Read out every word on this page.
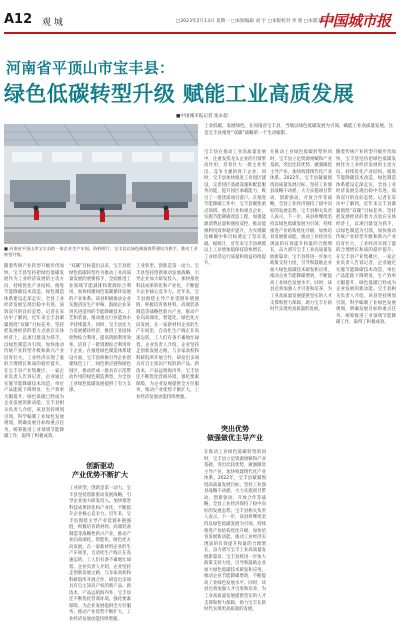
A12 观 城	□2023年2月13日 星期一 □本版编辑 刘 宇 □本版校对 李 蕾 □本版美编 梦号先
中国城市报
河南省平顶山市宝丰县：
绿色低碳转型升级 赋能工业高质发展
■中国城市报记者 张永超
■ 河南省平顶山市宝丰县的一家企业生产车间。资料图片。宝丰县以绿色制造体系建设为抓手，推动工业转型升级。
工业低碳，发展绿色。在河南省宝丰县，当地以绿色低碳发展为引领，赋能工业高质量发展。这是宝丰县推进“双碳”战略的一个生动缩影。
随着传统产业转型升级步伐加快，宝丰县坚持把绿色低碳发展作为工业经济发展的主攻方向，持续优化产业结构，推进节能降碳技术改造，绿色制造体系建设走深走实，全县工业经济发展呈现出稳中有进、质效双升的良好态势。记者在采访中了解到，近年来宝丰县紧紧围绕“双碳”目标任务，坚持把发展经济的着力点放在实体经济上，以项目建设为抓手，以绿色制造为引领，加快推动传统产业转型升级和新兴产业培育壮大，工业经济实现了量的合理增长和质的稳步提升。在宝丰县产业集聚区，一家企业负责人告诉记者，企业通过实施节能降碳技术改造，单位产品能耗下降明显，生产效率大幅提升，绿色低碳已经成为企业发展的新动能。宝丰县相关负责人介绍，该县坚持规划引领，科学编制工业绿色发展规划，明确发展目标和重点任务，统筹推进工业领域节能降碳工作，取得了积极成效。
“双碳”目标提出以来，宝丰县把绿色低碳转型作为推动工业高质量发展的重要抓手，全面推进工业领域节能减排和资源综合利用，加快构建绿色低碳循环发展的产业体系。该县积极推动企业实施清洁生产审核，鼓励企业采用先进适用的节能降碳技术、工艺和装备，推动重点行业能效水平持续提升。同时，宝丰县还大力发展循环经济，推进工业固体废物综合利用，提高资源利用效率，培育了一批资源综合利用骨干企业。在推进绿色制造体系建设方面，宝丰县积极引导企业创建绿色工厂、绿色供应链和绿色园区，推动形成一批具有示范带动作用的绿色制造典型，为全县工业绿色低碳发展提供了有力支撑。
创新驱动
产业优势不断扩大
工业转型，创新是第一动力。宝丰县坚持创新驱动发展战略，引导企业加大研发投入，加快推进科技成果转化和产业化，不断提升企业核心竞争力。近年来，宝丰县围绕主导产业延链补链强链，积极培育新材料、高端装备制造等战略性新兴产业，推动产业向高端化、智能化、绿色化方向发展。在一家新材料企业的生产车间里，自动化生产线正在高速运转，工人们有条不紊地忙碌着。企业负责人介绍，企业坚持走创新发展之路，与多家高校和科研院所开展合作，研发出多项具有自主知识产权的新产品、新技术，产品远销海内外。宝丰县还不断优化营商环境，强化要素保障，为企业发展提供全方位服务，推动产业优势不断扩大，工业经济发展动能持续增强。
工业转型，创新是第一动力。宝丰县坚持创新驱动发展战略，引导企业加大研发投入，加快推进科技成果转化和产业化，不断提升企业核心竞争力。近年来，宝丰县围绕主导产业延链补链强链，积极培育新材料、高端装备制造等战略性新兴产业，推动产业向高端化、智能化、绿色化方向发展。在一家新材料企业的生产车间里，自动化生产线正在高速运转，工人们有条不紊地忙碌着。企业负责人介绍，企业坚持走创新发展之路，与多家高校和科研院所开展合作，研发出多项具有自主知识产权的新产品、新技术，产品远销海内外。宝丰县还不断优化营商环境，强化要素保障，为企业发展提供全方位服务，推动产业优势不断扩大，工业经济发展动能持续增强。
宝丰县在推动工业高质量发展中，注重发挥龙头企业的引领带动作用，培育壮大一批主业突出、竞争力强的骨干企业。同时，宝丰县加快推进工业园区建设，完善园区基础设施和配套服务功能，提升园区承载能力，吸引了一批优质项目落户。在推进节能降碳工作中，宝丰县聚焦重点领域、重点行业和重点企业，实施节能降碳改造工程，加强能源消费总量和强度双控，推动能源利用效率稳步提升，为实现碳达峰碳中和目标奠定了坚实基础。据统计，近年来宝丰县规模以上工业增加值保持较快增长，工业经济运行质量和效益持续提升。
突出优势
做强做优主导产业
在推动工业绿色低碳转型的同时，宝丰县立足资源禀赋和产业基础，突出比较优势，做强做优主导产业，加快构建现代化产业体系。2022年，宝丰县紧紧围绕高质量发展目标，坚持工业强县战略不动摇，大力实施项目带动、创新驱动、开放合作等战略，全县工业经济保持了稳中向好的发展态势。宝丰县相关负责人表示，下一步，该县将继续坚持以绿色低碳发展为引领，持续推进产业结构优化升级，加快培育发展新动能，推动工业经济实现质的有效提升和量的合理增长，奋力谱写宝丰工业高质量发展新篇章。宝丰县将进一步加大政策支持力度，引导和鼓励企业加大绿色低碳技术研发和应用，推动企业节能降碳增效，不断提高工业绿色发展水平。同时，该县还将加强人才引进和培养，为工业高质量发展提供坚实的人才支撑和智力保障，助力宝丰在新时代实现更高质量的发展。
在推动工业绿色低碳转型的同时，宝丰县立足资源禀赋和产业基础，突出比较优势，做强做优主导产业，加快构建现代化产业体系。2022年，宝丰县紧紧围绕高质量发展目标，坚持工业强县战略不动摇，大力实施项目带动、创新驱动、开放合作等战略，全县工业经济保持了稳中向好的发展态势。宝丰县相关负责人表示，下一步，该县将继续坚持以绿色低碳发展为引领，持续推进产业结构优化升级，加快培育发展新动能，推动工业经济实现质的有效提升和量的合理增长，奋力谱写宝丰工业高质量发展新篇章。宝丰县将进一步加大政策支持力度，引导和鼓励企业加大绿色低碳技术研发和应用，推动企业节能降碳增效，不断提高工业绿色发展水平。同时，该县还将加强人才引进和培养，为工业高质量发展提供坚实的人才支撑和智力保障，助力宝丰在新时代实现更高质量的发展。
随着传统产业转型升级步伐加快，宝丰县坚持把绿色低碳发展作为工业经济发展的主攻方向，持续优化产业结构，推进节能降碳技术改造，绿色制造体系建设走深走实，全县工业经济发展呈现出稳中有进、质效双升的良好态势。记者在采访中了解到，近年来宝丰县紧紧围绕“双碳”目标任务，坚持把发展经济的着力点放在实体经济上，以项目建设为抓手，以绿色制造为引领，加快推动传统产业转型升级和新兴产业培育壮大，工业经济实现了量的合理增长和质的稳步提升。在宝丰县产业集聚区，一家企业负责人告诉记者，企业通过实施节能降碳技术改造，单位产品能耗下降明显，生产效率大幅提升，绿色低碳已经成为企业发展的新动能。宝丰县相关负责人介绍，该县坚持规划引领，科学编制工业绿色发展规划，明确发展目标和重点任务，统筹推进工业领域节能降碳工作，取得了积极成效。
